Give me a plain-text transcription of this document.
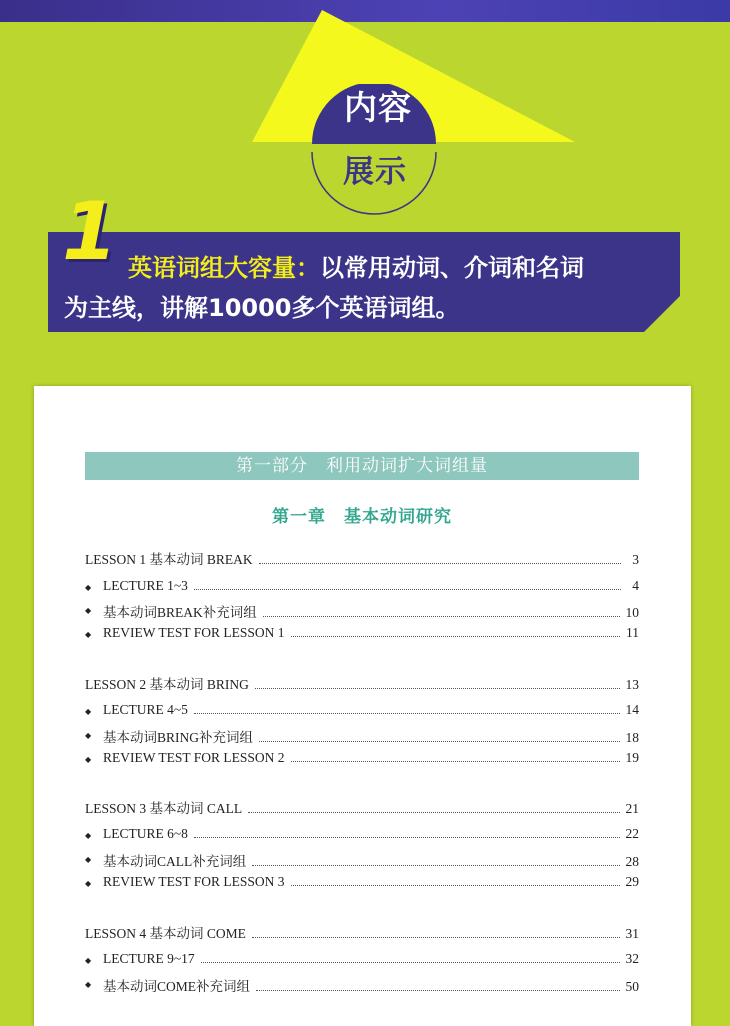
内容
展示
1 英语词组大容量：以常用动词、介词和名词
为主线，讲解10000多个英语词组。
第一部分　利用动词扩大词组量
第一章　基本动词研究
LESSON 1 基本动词 BREAK	3
◆ LECTURE 1~3	4
◆ 基本动词BREAK补充词组	10
◆ REVIEW TEST FOR LESSON 1	11
LESSON 2 基本动词 BRING	13
◆ LECTURE 4~5	14
◆ 基本动词BRING补充词组	18
◆ REVIEW TEST FOR LESSON 2	19
LESSON 3 基本动词 CALL	21
◆ LECTURE 6~8	22
◆ 基本动词CALL补充词组	28
◆ REVIEW TEST FOR LESSON 3	29
LESSON 4 基本动词 COME	31
◆ LECTURE 9~17	32
◆ 基本动词COME补充词组	50
